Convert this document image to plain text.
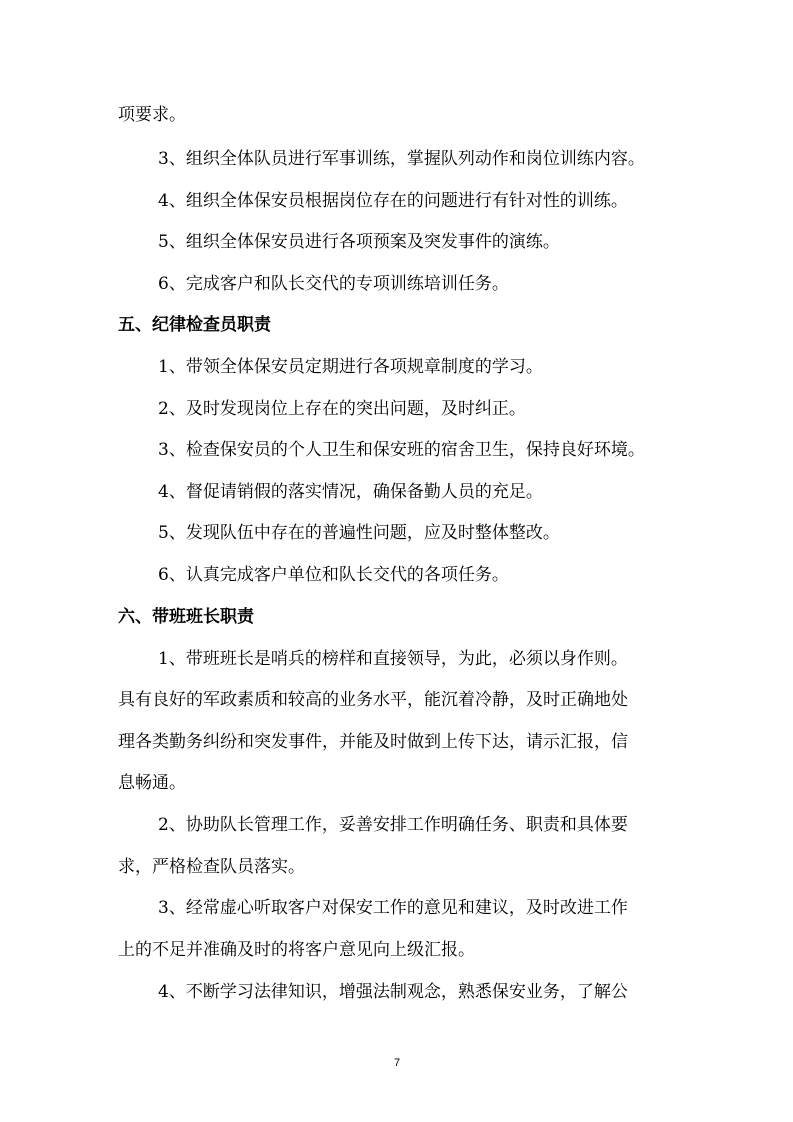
项要求。
3、组织全体队员进行军事训练，掌握队列动作和岗位训练内容。
4、组织全体保安员根据岗位存在的问题进行有针对性的训练。
5、组织全体保安员进行各项预案及突发事件的演练。
6、完成客户和队长交代的专项训练培训任务。
五、纪律检查员职责
1、带领全体保安员定期进行各项规章制度的学习。
2、及时发现岗位上存在的突出问题，及时纠正。
3、检查保安员的个人卫生和保安班的宿舍卫生，保持良好环境。
4、督促请销假的落实情况，确保备勤人员的充足。
5、发现队伍中存在的普遍性问题，应及时整体整改。
6、认真完成客户单位和队长交代的各项任务。
六、带班班长职责
1、带班班长是哨兵的榜样和直接领导，为此，必须以身作则。
具有良好的军政素质和较高的业务水平，能沉着冷静，及时正确地处
理各类勤务纠纷和突发事件，并能及时做到上传下达，请示汇报，信
息畅通。
2、协助队长管理工作，妥善安排工作明确任务、职责和具体要
求，严格检查队员落实。
3、经常虚心听取客户对保安工作的意见和建议，及时改进工作
上的不足并准确及时的将客户意见向上级汇报。
4、不断学习法律知识，增强法制观念，熟悉保安业务，了解公
7
